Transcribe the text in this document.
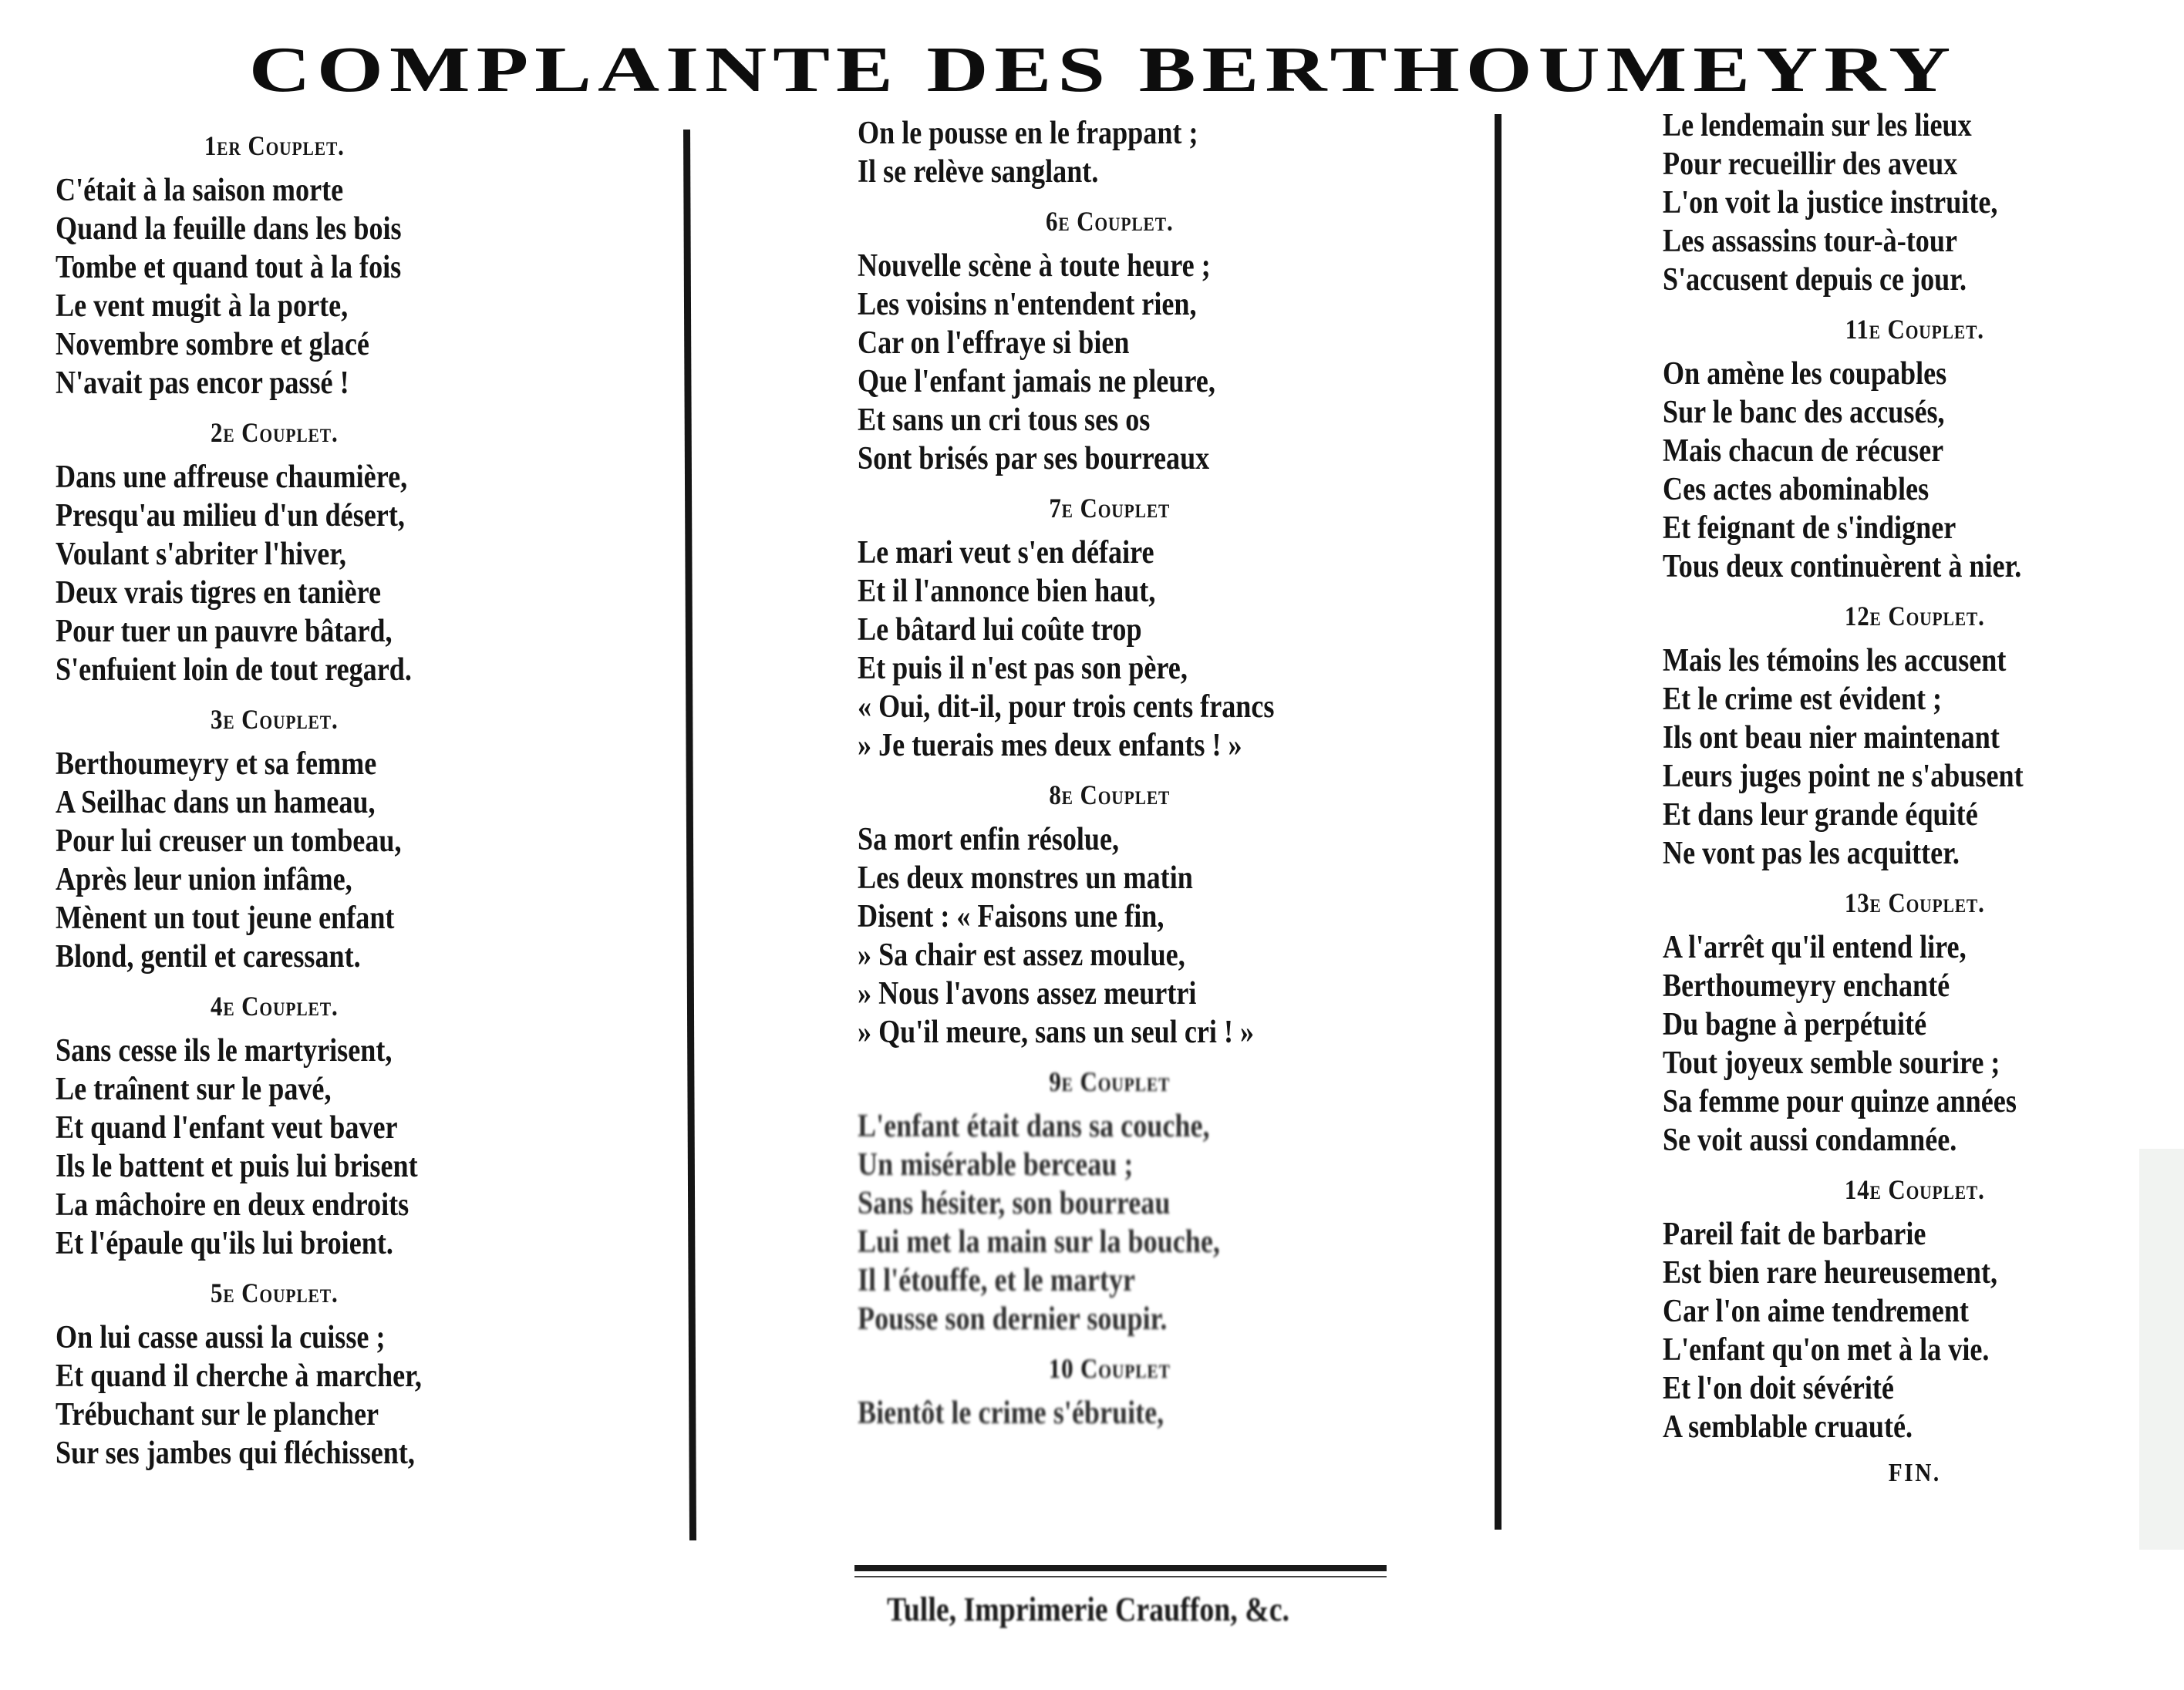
COMPLAINTE DES BERTHOUMEYRY
1er Couplet.
C'était à la saison morte
Quand la feuille dans les bois
Tombe et quand tout à la fois
Le vent mugit à la porte,
Novembre sombre et glacé
N'avait pas encor passé !
2e Couplet.
Dans une affreuse chaumière,
Presqu'au milieu d'un désert,
Voulant s'abriter l'hiver,
Deux vrais tigres en tanière
Pour tuer un pauvre bâtard,
S'enfuient loin de tout regard.
3e Couplet.
Berthoumeyry et sa femme
A Seilhac dans un hameau,
Pour lui creuser un tombeau,
Après leur union infâme,
Mènent un tout jeune enfant
Blond, gentil et caressant.
4e Couplet.
Sans cesse ils le martyrisent,
Le traînent sur le pavé,
Et quand l'enfant veut baver
Ils le battent et puis lui brisent
La mâchoire en deux endroits
Et l'épaule qu'ils lui broient.
5e Couplet.
On lui casse aussi la cuisse ;
Et quand il cherche à marcher,
Trébuchant sur le plancher
Sur ses jambes qui fléchissent,
On le pousse en le frappant ;
Il se relève sanglant.
6e Couplet.
Nouvelle scène à toute heure ;
Les voisins n'entendent rien,
Car on l'effraye si bien
Que l'enfant jamais ne pleure,
Et sans un cri tous ses os
Sont brisés par ses bourreaux
7e Couplet
Le mari veut s'en défaire
Et il l'annonce bien haut,
Le bâtard lui coûte trop
Et puis il n'est pas son père,
« Oui, dit-il, pour trois cents francs
» Je tuerais mes deux enfants ! »
8e Couplet
Sa mort enfin résolue,
Les deux monstres un matin
Disent : « Faisons une fin,
» Sa chair est assez moulue,
» Nous l'avons assez meurtri
» Qu'il meure, sans un seul cri ! »
9e Couplet
L'enfant était dans sa couche,
Un misérable berceau ;
Sans hésiter, son bourreau
Lui met la main sur la bouche,
Il l'étouffe, et le martyr
Pousse son dernier soupir.
10 Couplet
Bientôt le crime s'ébruite,
Tulle, Imprimerie Crauffon, &c.
Le lendemain sur les lieux
Pour recueillir des aveux
L'on voit la justice instruite,
Les assassins tour-à-tour
S'accusent depuis ce jour.
11e Couplet.
On amène les coupables
Sur le banc des accusés,
Mais chacun de récuser
Ces actes abominables
Et feignant de s'indigner
Tous deux continuèrent à nier.
12e Couplet.
Mais les témoins les accusent
Et le crime est évident ;
Ils ont beau nier maintenant
Leurs juges point ne s'abusent
Et dans leur grande équité
Ne vont pas les acquitter.
13e Couplet.
A l'arrêt qu'il entend lire,
Berthoumeyry enchanté
Du bagne à perpétuité
Tout joyeux semble sourire ;
Sa femme pour quinze années
Se voit aussi condamnée.
14e Couplet.
Pareil fait de barbarie
Est bien rare heureusement,
Car l'on aime tendrement
L'enfant qu'on met à la vie.
Et l'on doit sévérité
A semblable cruauté.
FIN.
